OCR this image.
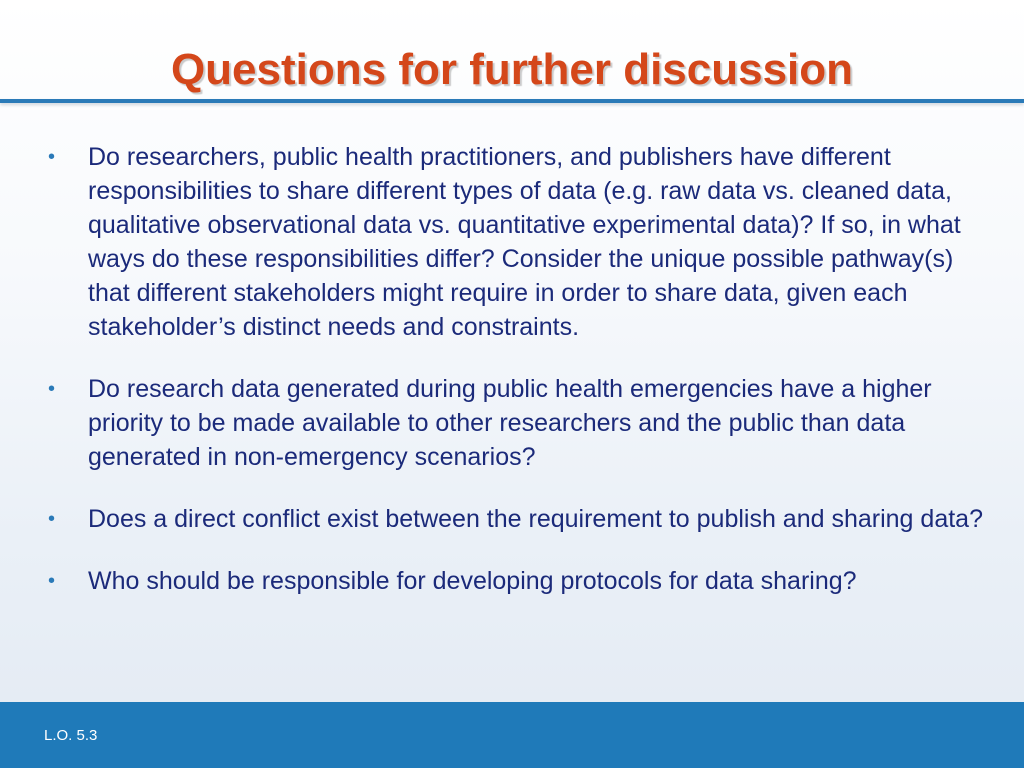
Questions for further discussion
•	Do researchers, public health practitioners, and publishers have different responsibilities to share different types of data (e.g. raw data vs. cleaned data, qualitative observational data vs. quantitative experimental data)? If so, in what ways do these responsibilities differ? Consider the unique possible pathway(s) that different stakeholders might require in order to share data, given each stakeholder’s distinct needs and constraints.
•	Do research data generated during public health emergencies have a higher priority to be made available to other researchers and the public than data generated in non-emergency scenarios?
•	Does a direct conflict exist between the requirement to publish and sharing data?
•	Who should be responsible for developing protocols for data sharing?
L.O. 5.3
